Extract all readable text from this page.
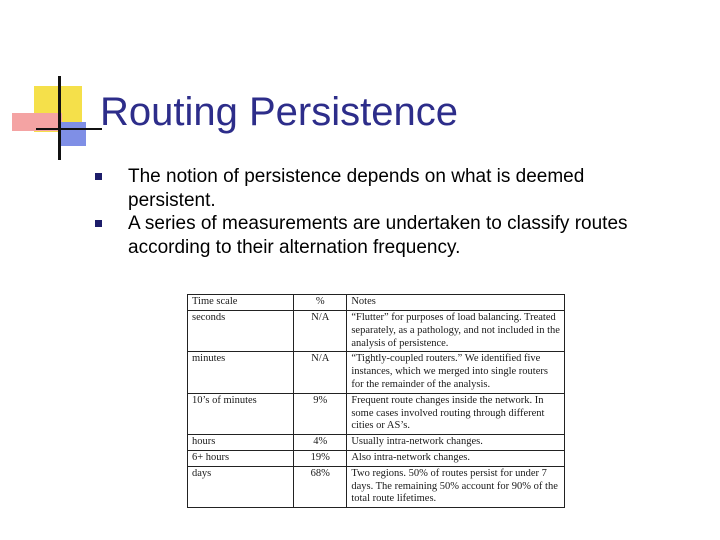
Routing Persistence
The notion of persistence depends on what is deemed persistent.
A series of measurements are undertaken to classify routes according to their alternation frequency.
Time scale	%	Notes
seconds	N/A	“Flutter” for purposes of load balancing. Treated separately, as a pathology, and not included in the analysis of persistence.
minutes	N/A	“Tightly-coupled routers.” We identified five instances, which we merged into single routers for the remainder of the analysis.
10’s of minutes	9%	Frequent route changes inside the network. In some cases involved routing through different cities or AS’s.
hours	4%	Usually intra-network changes.
6+ hours	19%	Also intra-network changes.
days	68%	Two regions. 50% of routes persist for under 7 days. The remaining 50% account for 90% of the total route lifetimes.
